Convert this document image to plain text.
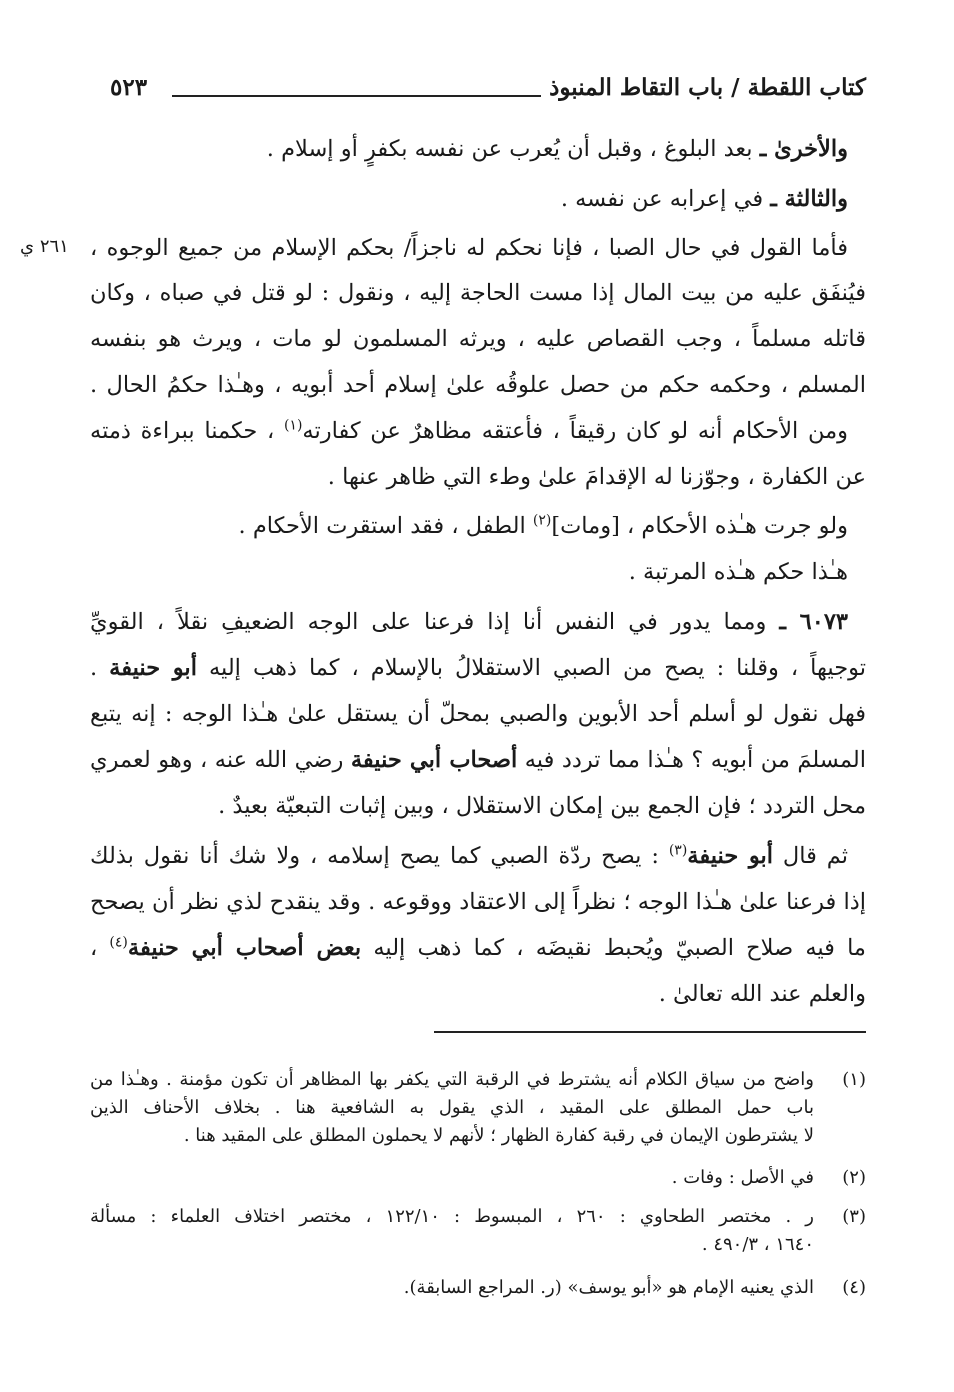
كتاب اللقطة / باب التقاط المنبوذ
٥٢٣
٢٦١ ي
والأخرىٰ ـ بعد البلوغ ، وقبل أن يُعرب عن نفسه بكفرٍ أو إسلام .
والثالثة ـ في إعرابه عن نفسه .
فأما القول في حال الصبا ، فإنا نحكم له ناجزاً/ بحكم الإسلام من جميع الوجوه ،
فيُنفَق عليه من بيت المال إذا مست الحاجة إليه ، ونقول : لو قتل في صباه ، وكان
قاتله مسلماً ، وجب القصاص عليه ، ويرثه المسلمون لو مات ، ويرث هو بنفسه
المسلم ، وحكمه حكم من حصل علوقُه علىٰ إسلام أحد أبويه ، وهـٰذا حكمُ الحال .
ومن الأحكام أنه لو كان رقيقاً ، فأعتقه مظاهرٌ عن كفارته$^{(١)}$ ، حكمنا ببراءة ذمته
عن الكفارة ، وجوّزنا له الإقدامَ علىٰ وطء التي ظاهر عنها .
ولو جرت هـٰذه الأحكام ، [ومات]$^{(٢)}$ الطفل ، فقد استقرت الأحكام .
هـٰذا حكم هـٰذه المرتبة .
٦٠٧٣ ـ ومما يدور في النفس أنا إذا فرعنا على الوجه الضعيفِ نقلاً ، القويِّ
توجيهاً ، وقلنا : يصح من الصبي الاستقلالُ بالإسلام ، كما ذهب إليه أبو حنيفة .
فهل نقول لو أسلم أحد الأبوين والصبي بمحلّ أن يستقل علىٰ هـٰذا الوجه : إنه يتبع
المسلمَ من أبويه ؟ هـٰذا مما تردد فيه أصحاب أبي حنيفة رضي الله عنه ، وهو لعمري
محل التردد ؛ فإن الجمع بين إمكان الاستقلال ، وبين إثبات التبعيّة بعيدٌ .
ثم قال أبو حنيفة$^{(٣)}$ : يصح ردّة الصبي كما يصح إسلامه ، ولا شك أنا نقول بذلك
إذا فرعنا علىٰ هـٰذا الوجه ؛ نظراً إلى الاعتقاد ووقوعه . وقد ينقدح لذي نظر أن يصحح
ما فيه صلاح الصبيّ ويُحبط نقيضَه ، كما ذهب إليه بعض أصحاب أبي حنيفة$^{(٤)}$ ،
والعلم عند الله تعالىٰ .
(١)
واضح من سياق الكلام أنه يشترط في الرقبة التي يكفر بها المظاهر أن تكون مؤمنة . وهـٰذا من
باب حمل المطلق على المقيد ، الذي يقول به الشافعية هنا . بخلاف الأحناف الذين
لا يشترطون الإيمان في رقبة كفارة الظهار ؛ لأنهم لا يحملون المطلق على المقيد هنا .
(٢)
في الأصل : وفات .
(٣)
ر . مختصر الطحاوي : ٢٦٠ ، المبسوط : ١٢٢/١٠ ، مختصر اختلاف العلماء : مسألة
١٦٤٠ ، ٤٩٠/٣ .
(٤)
الذي يعنيه الإمام هو «أبو يوسف» (ر. المراجع السابقة).
